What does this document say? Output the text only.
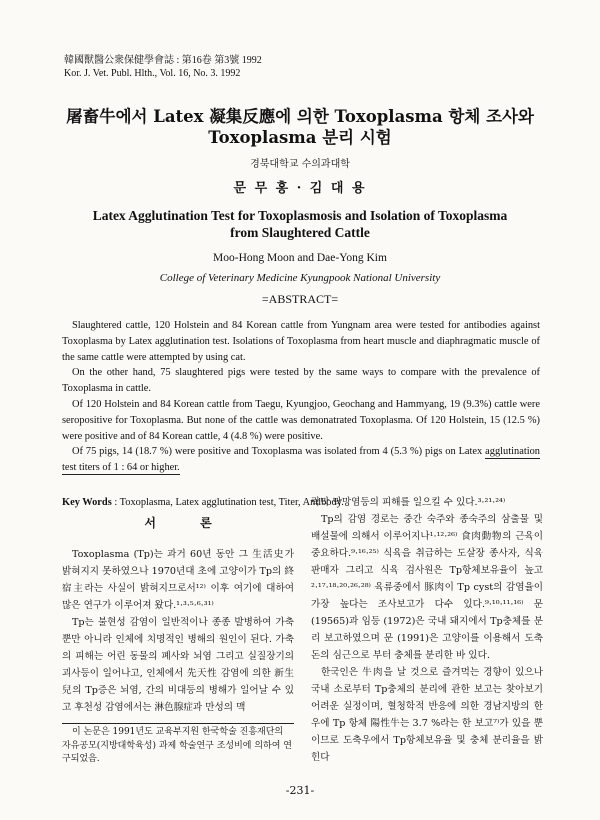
韓國獸醫公衆保健學會誌 : 第16卷 第3號 1992
Kor. J. Vet. Publ. Hlth., Vol. 16, No. 3. 1992
屠畜牛에서 Latex 凝集反應에 의한 Toxoplasma 항체 조사와
Toxoplasma 분리 시험
경북대학교 수의과대학
문 무 홍 · 김 대 용
Latex Agglutination Test for Toxoplasmosis and Isolation of Toxoplasma
from Slaughtered Cattle
Moo-Hong Moon and Dae-Yong Kim
College of Veterinary Medicine Kyungpook National University
=ABSTRACT=

Slaughtered cattle, 120 Holstein and 84 Korean cattle from Yungnam area were tested for antibodies against Toxoplasma by Latex agglutination test. Isolations of Toxoplasma from heart muscle and diaphragmatic muscle of the same cattle were attempted by using cat.

On the other hand, 75 slaughtered pigs were tested by the same ways to compare with the prevalence of Toxoplasma in cattle.

Of 120 Holstein and 84 Korean cattle from Taegu, Kyungjoo, Geochang and Hammyang, 19 (9.3%) cattle were seropositive for Toxoplasma. But none of the cattle was demonatrated Toxoplasma. Of 120 Holstein, 15 (12.5 %) were positive and of 84 Korean cattle, 4 (4.8 %) were positive.

Of 75 pigs, 14 (18.7 %) were positive and Toxoplasma was isolated from 4 (5.3 %) pigs on Latex agglutination test titers of 1 : 64 or higher.

Key Words : Toxoplasma, Latex agglutination test, Titer, Antibody.
서 론

Toxoplasma (Tp)는 과거 60년 동안 그 生活史가 밝혀지지 못하였으나 1970년대 초에 고양이가 Tp의 終宿主라는 사실이 밝혀지므로서¹²⁾ 이후 여기에 대하여 많은 연구가 이루어져 왔다.¹·³·⁵·⁶·³¹⁾

Tp는 불현성 감염이 일반적이나 종종 발병하여 가축 뿐만 아니라 인체에 치명적인 병해의 원인이 된다. 가축의 피해는 어린 동물의 폐사와 뇌염 그리고 실질장기의 괴사등이 일어나고, 인체에서 先天性 감염에 의한 新生兒의 Tp증은 뇌염, 간의 비대등의 병해가 일어날 수 있고 후천성 감염에서는 淋色腺症과 만성의 맥

락막 막망염등의 피해를 일으킬 수 있다.³·²¹·²⁴⁾

Tp의 감염 경로는 중간 숙주와 종숙주의 삼출물 및 배설물에 의해서 이루어지나¹·¹²·²⁶⁾ 食肉動物의 근육이 중요하다.⁹·¹⁶·²⁵⁾ 식육을 취급하는 도살장 종사자, 식육 판매자 그리고 식육 검사원은 Tp항체보유율이 높고²·¹⁷·¹⁸·²⁰·²⁶·²⁸⁾ 육류중에서 豚肉이 Tp cyst의 감염율이 가장 높다는 조사보고가 다수 있다.⁹·¹⁰·¹¹·¹⁶⁾ 문 (19565)과 임등 (1972)은 국내 돼지에서 Tp충체를 분리 보고하였으며 문 (1991)은 고양이를 이용해서 도축돈의 심근으로 부터 충체를 분리한 바 있다.

한국인은 牛肉을 날 것으로 즐겨먹는 경향이 있으나 국내 소로부터 Tp충체의 분리에 관한 보고는 찾아보기 어려운 실정이며, 혈청학적 반응에 의한 경남지방의 한우에 Tp 항체 陽性牛는 3.7 %라는 한 보고⁷⁾가 있을 뿐이므로 도축우에서 Tp항체보유율 및 충체 분리율을 밝힌다

이 논문은 1991년도 교육부지원 한국학술 진흥재단의 자유공모(지방대학육성) 과제 학술연구 조성비에 의하여 연구되었음.

-231-
